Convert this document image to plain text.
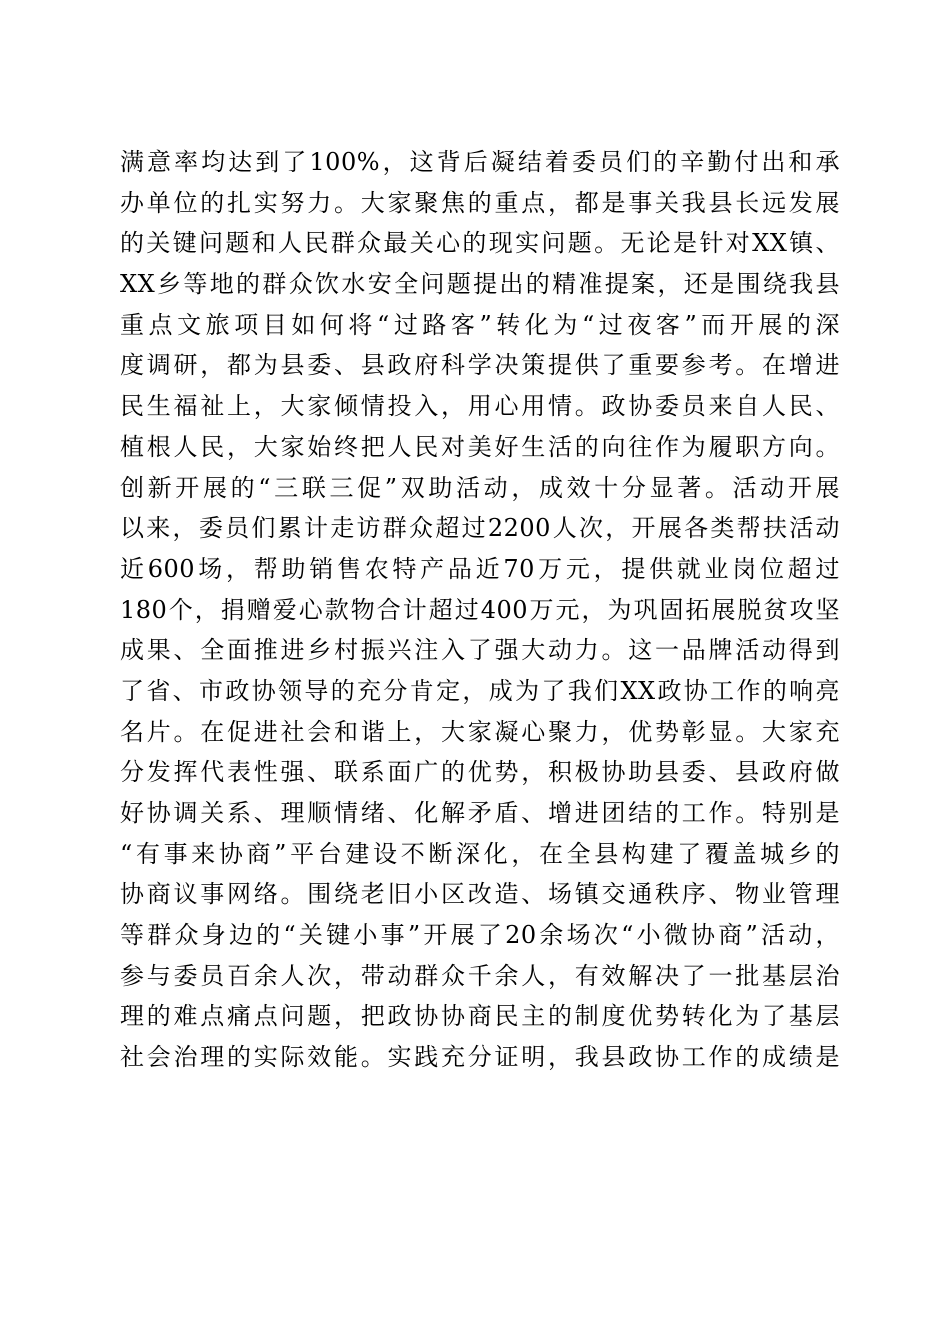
满意率均达到了100%，这背后凝结着委员们的辛勤付出和承
办单位的扎实努力。大家聚焦的重点，都是事关我县长远发展
的关键问题和人民群众最关心的现实问题。无论是针对XX镇、
XX乡等地的群众饮水安全问题提出的精准提案，还是围绕我县
重点文旅项目如何将“过路客”转化为“过夜客”而开展的深
度调研，都为县委、县政府科学决策提供了重要参考。在增进
民生福祉上，大家倾情投入，用心用情。政协委员来自人民、
植根人民，大家始终把人民对美好生活的向往作为履职方向。
创新开展的“三联三促”双助活动，成效十分显著。活动开展
以来，委员们累计走访群众超过2200人次，开展各类帮扶活动
近600场，帮助销售农特产品近70万元，提供就业岗位超过
180个，捐赠爱心款物合计超过400万元，为巩固拓展脱贫攻坚
成果、全面推进乡村振兴注入了强大动力。这一品牌活动得到
了省、市政协领导的充分肯定，成为了我们XX政协工作的响亮
名片。在促进社会和谐上，大家凝心聚力，优势彰显。大家充
分发挥代表性强、联系面广的优势，积极协助县委、县政府做
好协调关系、理顺情绪、化解矛盾、增进团结的工作。特别是
“有事来协商”平台建设不断深化，在全县构建了覆盖城乡的
协商议事网络。围绕老旧小区改造、场镇交通秩序、物业管理
等群众身边的“关键小事”开展了20余场次“小微协商”活动，
参与委员百余人次，带动群众千余人，有效解决了一批基层治
理的难点痛点问题，把政协协商民主的制度优势转化为了基层
社会治理的实际效能。实践充分证明，我县政协工作的成绩是
